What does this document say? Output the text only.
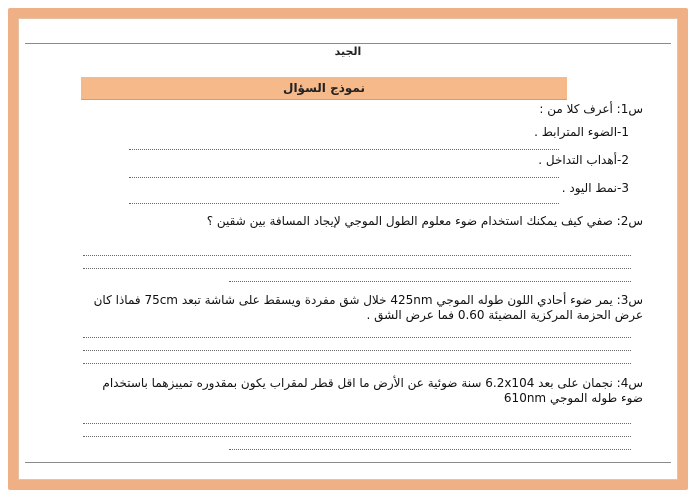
الجيد
نموذج السؤال
س1: أعرف كلا من :
1-الضوء المترابط .
2-أهداب التداخل .
3-نمط اليود .
س2: صفي كيف يمكنك استخدام ضوء معلوم الطول الموجي لإيجاد المسافة بين شقين ؟
س3: يمر ضوء أحادي اللون طوله الموجي 425nm خلال شق مفردة ويسقط على شاشة تبعد 75cm فماذا كان عرض الحزمة المركزية المضيئة 0.60 فما عرض الشق .
س4: نجمان على بعد 6.2x104 سنة ضوئية عن الأرض ما اقل قطر لمقراب يكون بمقدوره تمييزهما باستخدام ضوء طوله الموجي 610nm
